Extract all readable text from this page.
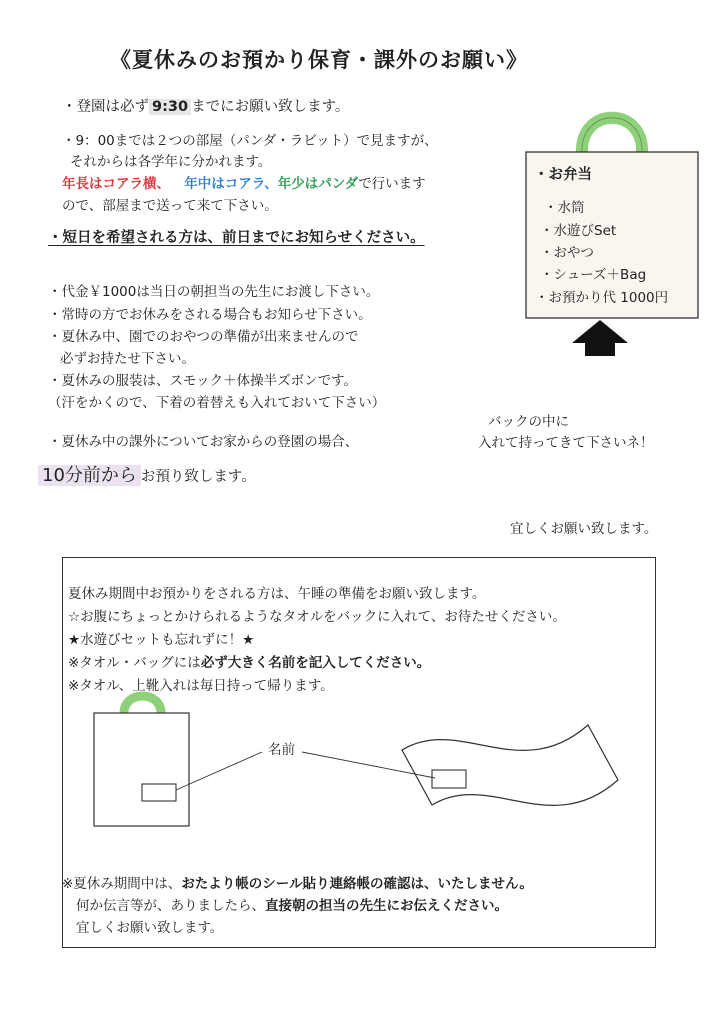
《夏休みのお預かり保育・課外のお願い》
・登園は必ず 9:30 までにお願い致します。
・9：00までは２つの部屋（パンダ・ラビット）で見ますが、
それからは各学年に分かれます。
年長はコアラ横、 年中はコアラ、年少はパンダで行います
ので、部屋まで送って来て下さい。
・短日を希望される方は、前日までにお知らせください。
・代金￥1000は当日の朝担当の先生にお渡し下さい。
・常時の方でお休みをされる場合もお知らせ下さい。
・夏休み中、園でのおやつの準備が出来ませんので
必ずお持たせ下さい。
・夏休みの服装は、スモック＋体操半ズボンです。
（汗をかくので、下着の着替えも入れておいて下さい）
・夏休み中の課外についてお家からの登園の場合、
10分前から お預り致します。
・お弁当
・水筒
・水遊びSet
・おやつ
・シューズ＋Bag
・お預かり代 1000円
バックの中に
入れて持ってきて下さいネ！
宜しくお願い致します。
夏休み期間中お預かりをされる方は、午睡の準備をお願い致します。
☆お腹にちょっとかけられるようなタオルをバックに入れて、お待たせください。
★水遊びセットも忘れずに！★
※タオル・バッグには必ず大きく名前を記入してください。
※タオル、上靴入れは毎日持って帰ります。
名前
※夏休み期間中は、おたより帳のシール貼り連絡帳の確認は、いたしません。
何か伝言等が、ありましたら、直接朝の担当の先生にお伝えください。
宜しくお願い致します。
